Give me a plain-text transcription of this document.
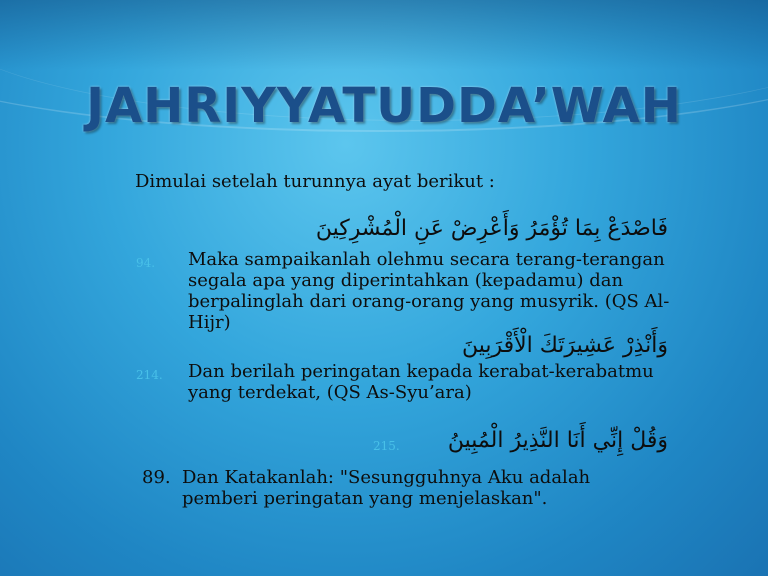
JAHRIYYATUDDA’WAH

Dimulai setelah turunnya ayat berikut :

فَاصْدَعْ بِمَا تُؤْمَرُ وَأَعْرِضْ عَنِ الْمُشْرِكِينَ
94. Maka sampaikanlah olehmu secara terang-terangan segala apa yang diperintahkan (kepadamu) dan berpalinglah dari orang-orang yang musyrik. (QS Al-Hijr)

وَأَنْذِرْ عَشِيرَتَكَ الْأَقْرَبِينَ
214. Dan berilah peringatan kepada kerabat-kerabatmu yang terdekat, (QS As-Syu’ara)

215. وَقُلْ إِنِّي أَنَا النَّذِيرُ الْمُبِينُ
89. Dan Katakanlah: "Sesungguhnya Aku adalah pemberi peringatan yang menjelaskan".
